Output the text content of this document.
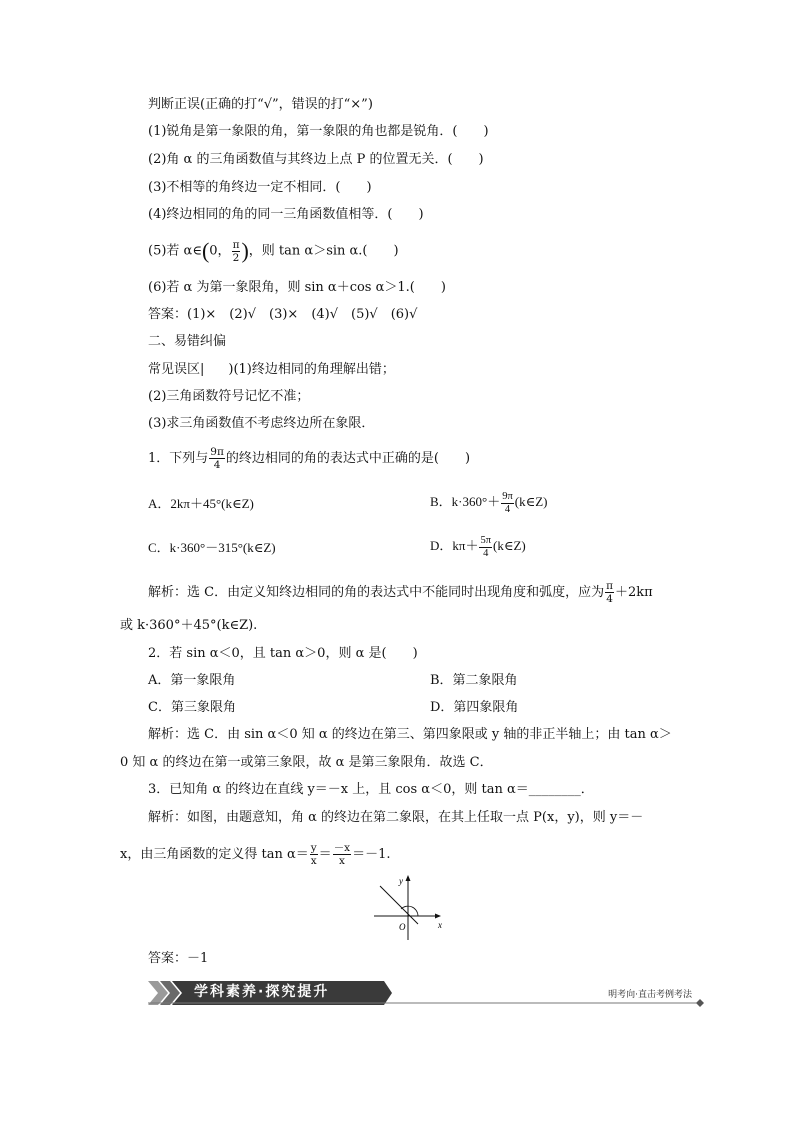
判断正误(正确的打“√”，错误的打“×”)
(1)锐角是第一象限的角，第一象限的角也都是锐角．(　　)
(2)角 α 的三角函数值与其终边上点 P 的位置无关．(　　)
(3)不相等的角终边一定不相同．(　　)
(4)终边相同的角的同一三角函数值相等．(　　)
(5)若 α∈(0， $\frac{\pi}{2}$ )，则 tan α＞sin α.(　　)
(6)若 α 为第一象限角，则 sin α＋cos α＞1.(　　)
答案：(1)×　(2)√　(3)×　(4)√　(5)√　(6)√
二、易错纠偏
常见误区| )(1)终边相同的角理解出错；
(2)三角函数符号记忆不准；
(3)求三角函数值不考虑终边所在象限．
1．下列与 $\frac{9\pi}{4}$ 的终边相同的角的表达式中正确的是(　　)
A．2kπ＋45°(k∈Z)	B．$k\cdot 360^\circ+ \frac{9\pi}{4}$ (k∈Z)
C．k·360°－315°(k∈Z)	D．$k\pi+ \frac{5\pi}{4}$ (k∈Z)
解析：选 C．由定义知终边相同的角的表达式中不能同时出现角度和弧度，应为 $\frac{\pi}{4} +2k\pi$
或 k·360°＋45°(k∈Z).
2．若 sin α＜0，且 tan α＞0，则 α 是(　　)
A．第一象限角	B．第二象限角
C．第三象限角	D．第四象限角
解析：选 C．由 sin α＜0 知 α 的终边在第三、第四象限或 y 轴的非正半轴上；由 tan α＞
0 知 α 的终边在第一或第三象限，故 α 是第三象限角．故选 C．
3．已知角 α 的终边在直线 y＝－x 上，且 cos α＜0，则 tan α＝________．
解析：如图，由题意知，角 α 的终边在第二象限，在其上任取一点 P(x，y)，则 y＝－
x，由三角函数的定义得 $\tan \alpha= \frac{y}{x} = \frac{-x}{x} =-1$.
y
O	x
答案：－1
学科素养·探究提升	明考向·直击考例考法
